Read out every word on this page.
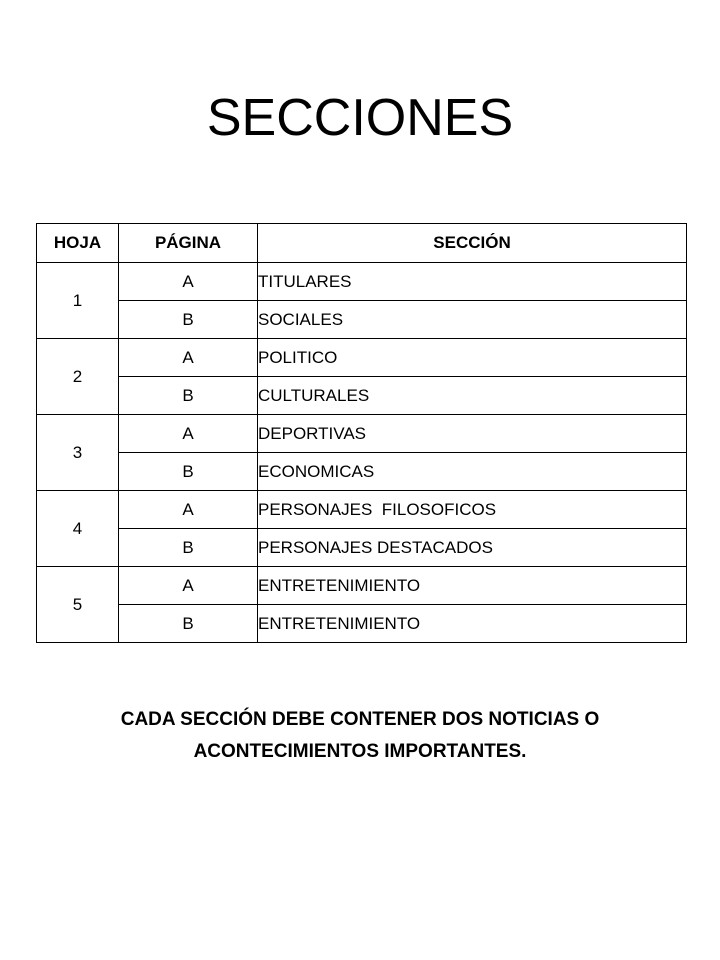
SECCIONES
HOJA	PÁGINA	SECCIÓN
1	A	TITULARES
	B	SOCIALES
2	A	POLITICO
	B	CULTURALES
3	A	DEPORTIVAS
	B	ECONOMICAS
4	A	PERSONAJES  FILOSOFICOS
	B	PERSONAJES DESTACADOS
5	A	ENTRETENIMIENTO
	B	ENTRETENIMIENTO

CADA SECCIÓN DEBE CONTENER DOS NOTICIAS O ACONTECIMIENTOS IMPORTANTES.
